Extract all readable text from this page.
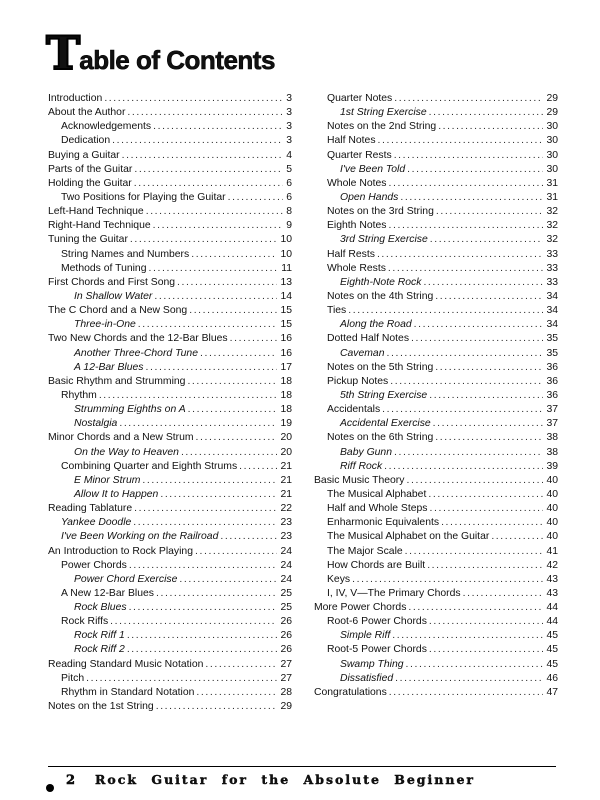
T able of Contents
Introduction .....	3
About the Author .....	3
Acknowledgements .....	3
Dedication .....	3
Buying a Guitar .....	4
Parts of the Guitar .....	5
Holding the Guitar .....	6
Two Positions for Playing the Guitar .....	6
Left-Hand Technique .....	8
Right-Hand Technique .....	9
Tuning the Guitar .....	10
String Names and Numbers .....	10
Methods of Tuning .....	11
First Chords and First Song .....	13
In Shallow Water .....	14
The C Chord and a New Song .....	15
Three-in-One .....	15
Two New Chords and the 12-Bar Blues .....	16
Another Three-Chord Tune .....	16
A 12-Bar Blues .....	17
Basic Rhythm and Strumming .....	18
Rhythm .....	18
Strumming Eighths on A .....	18
Nostalgia .....	19
Minor Chords and a New Strum .....	20
On the Way to Heaven .....	20
Combining Quarter and Eighth Strums .....	21
E Minor Strum .....	21
Allow It to Happen .....	21
Reading Tablature .....	22
Yankee Doodle .....	23
I've Been Working on the Railroad .....	23
An Introduction to Rock Playing .....	24
Power Chords .....	24
Power Chord Exercise .....	24
A New 12-Bar Blues .....	25
Rock Blues .....	25
Rock Riffs .....	26
Rock Riff 1 .....	26
Rock Riff 2 .....	26
Reading Standard Music Notation .....	27
Pitch .....	27
Rhythm in Standard Notation .....	28
Notes on the 1st String .....	29
Quarter Notes .....	29
1st String Exercise .....	29
Notes on the 2nd String .....	30
Half Notes .....	30
Quarter Rests .....	30
I've Been Told .....	30
Whole Notes .....	31
Open Hands .....	31
Notes on the 3rd String .....	32
Eighth Notes .....	32
3rd String Exercise .....	32
Half Rests .....	33
Whole Rests .....	33
Eighth-Note Rock .....	33
Notes on the 4th String .....	34
Ties .....	34
Along the Road .....	34
Dotted Half Notes .....	35
Caveman .....	35
Notes on the 5th String .....	36
Pickup Notes .....	36
5th String Exercise .....	36
Accidentals .....	37
Accidental Exercise .....	37
Notes on the 6th String .....	38
Baby Gunn .....	38
Riff Rock .....	39
Basic Music Theory .....	40
The Musical Alphabet .....	40
Half and Whole Steps .....	40
Enharmonic Equivalents .....	40
The Musical Alphabet on the Guitar .....	40
The Major Scale .....	41
How Chords are Built .....	42
Keys .....	43
I, IV, V—The Primary Chords .....	43
More Power Chords .....	44
Root-6 Power Chords .....	44
Simple Riff .....	45
Root-5 Power Chords .....	45
Swamp Thing .....	45
Dissatisfied .....	46
Congratulations .....	47
2 Rock Guitar for the Absolute Beginner
